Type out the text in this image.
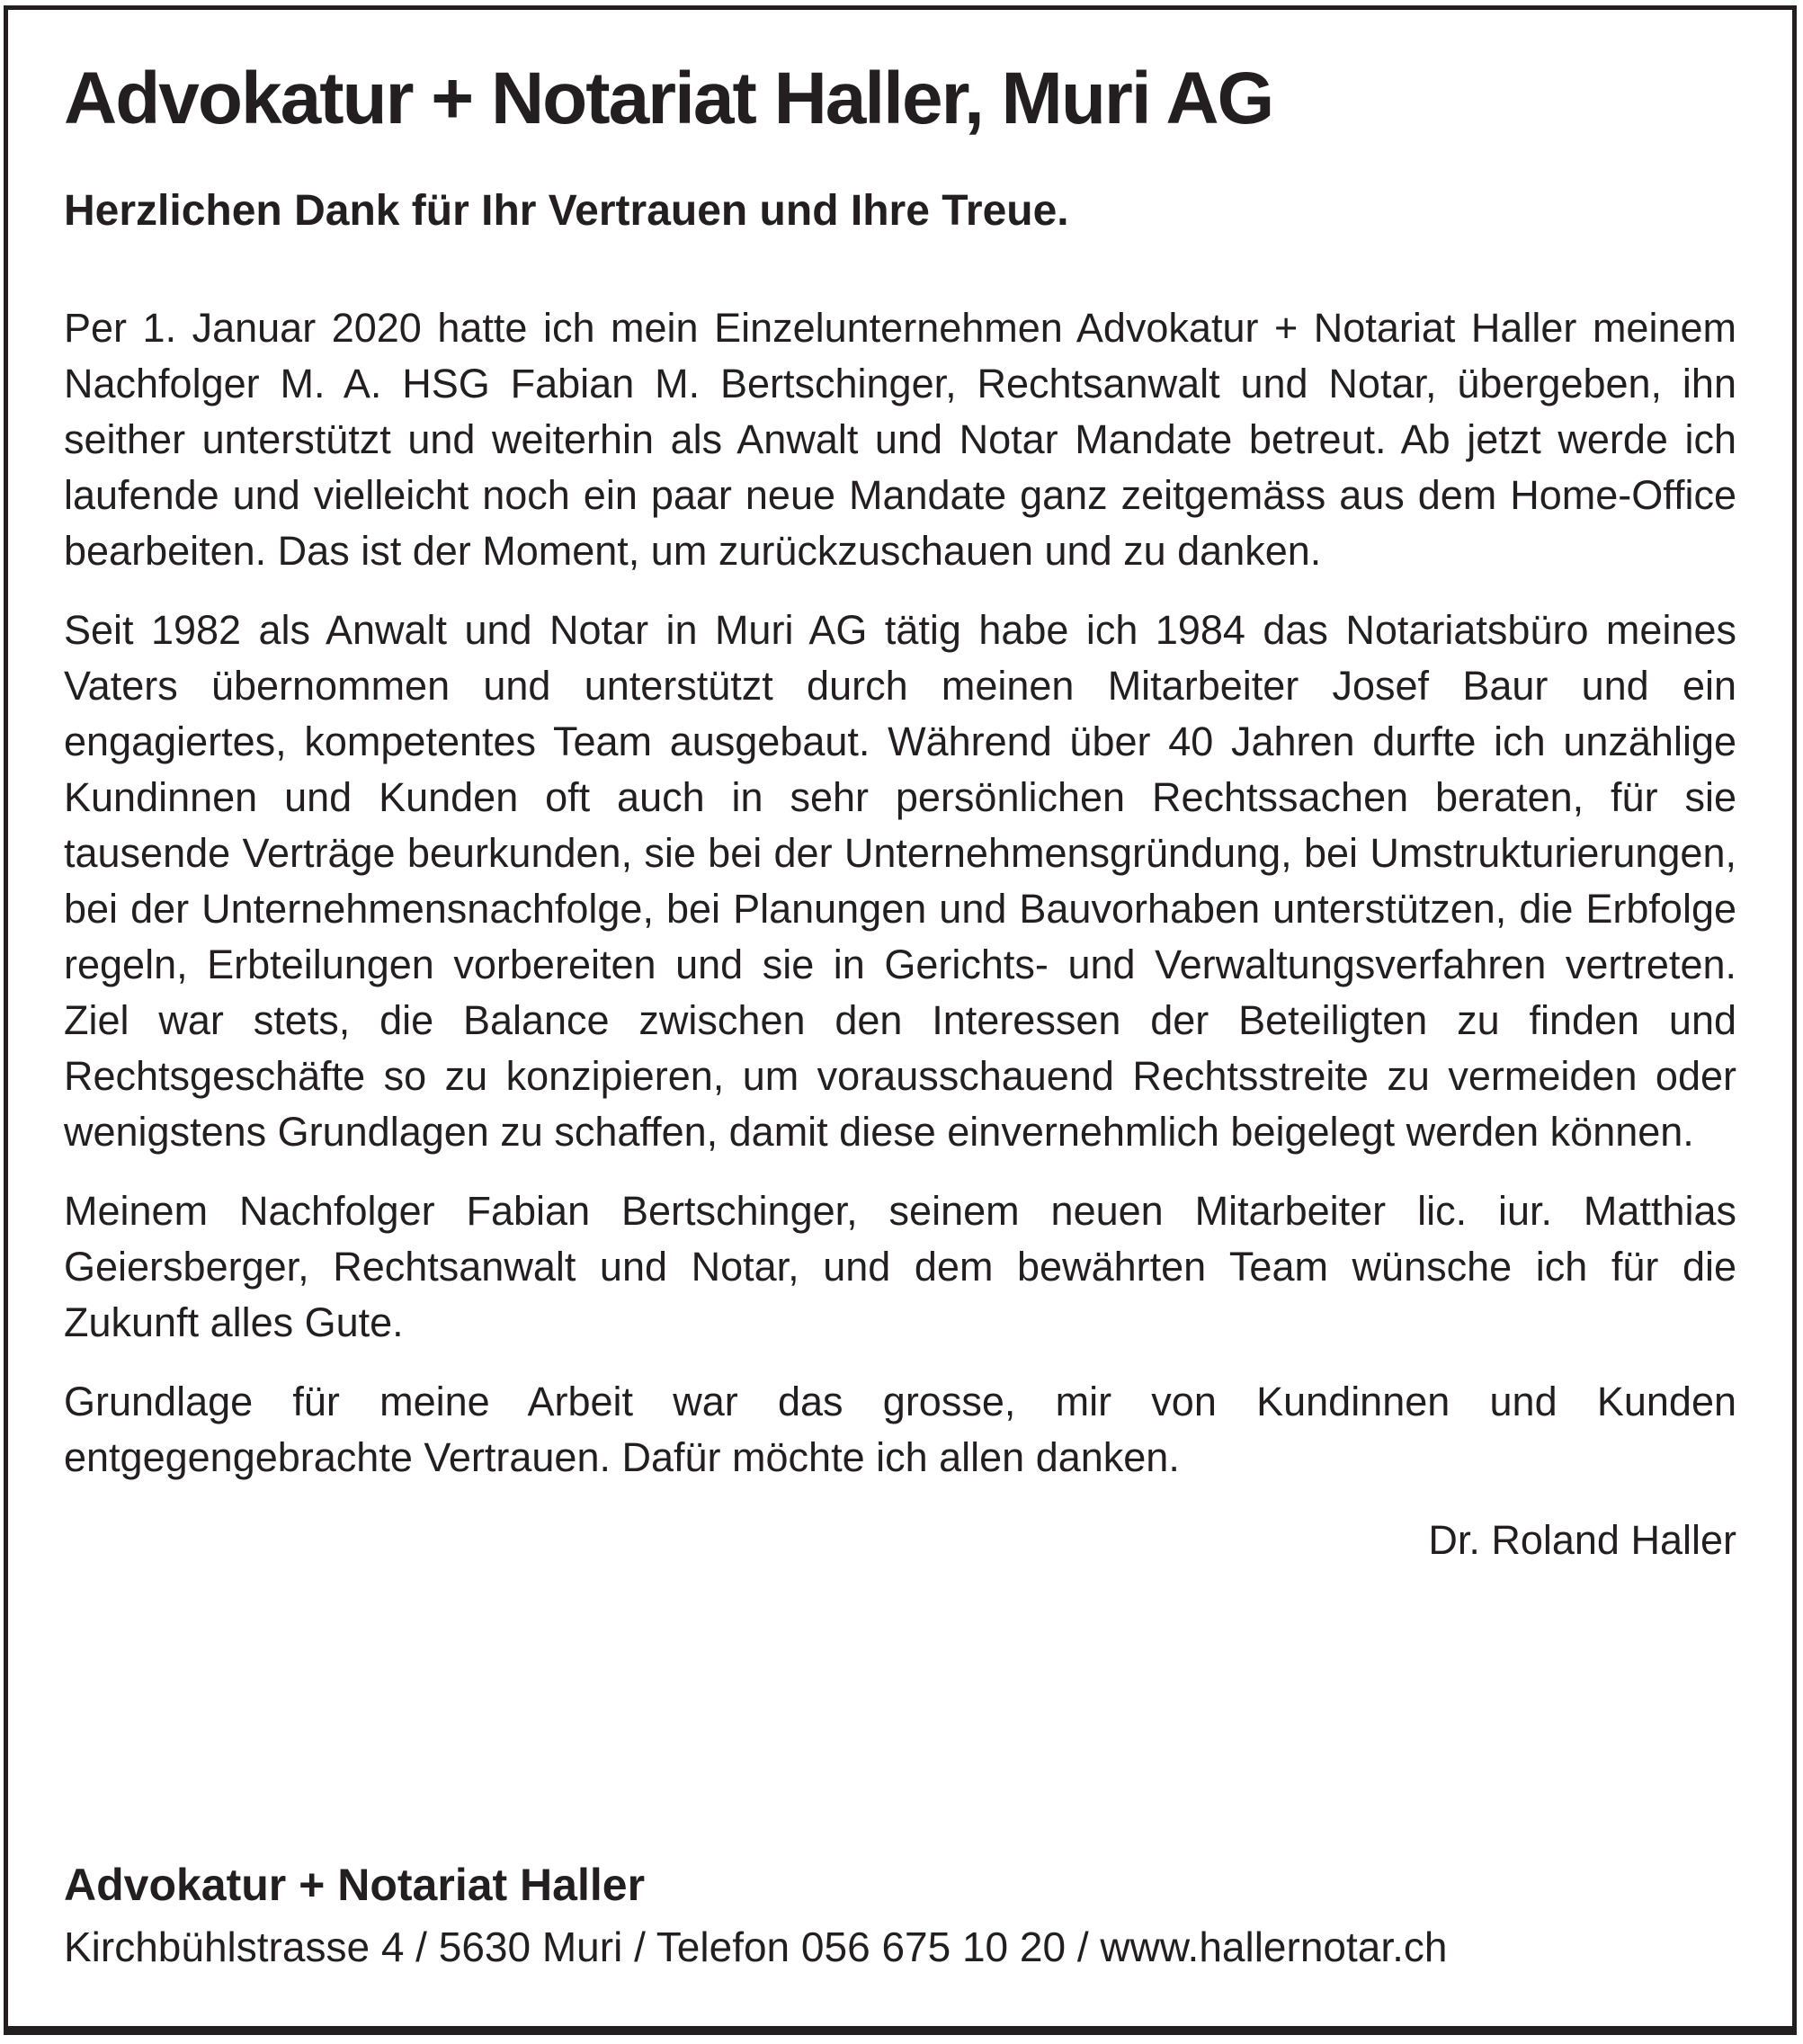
Advokatur + Notariat Haller, Muri AG
Herzlichen Dank für Ihr Vertrauen und Ihre Treue.

Per 1. Januar 2020 hatte ich mein Einzelunternehmen Advokatur + Notariat Haller meinem Nachfolger M. A. HSG Fabian M. Bertschinger, Rechtsanwalt und Notar, übergeben, ihn seither unterstützt und weiterhin als Anwalt und Notar Mandate betreut. Ab jetzt werde ich laufende und vielleicht noch ein paar neue Mandate ganz zeitgemäss aus dem Home-Office bearbeiten. Das ist der Moment, um zurückzuschauen und zu danken.

Seit 1982 als Anwalt und Notar in Muri AG tätig habe ich 1984 das Notariatsbüro meines Vaters übernommen und unterstützt durch meinen Mitarbeiter Josef Baur und ein engagiertes, kompetentes Team ausgebaut. Während über 40 Jahren durfte ich unzählige Kundinnen und Kunden oft auch in sehr persönlichen Rechtssachen beraten, für sie tausende Verträge beurkunden, sie bei der Unternehmensgründung, bei Umstrukturierungen, bei der Unternehmensnachfolge, bei Planungen und Bauvorhaben unterstützen, die Erbfolge regeln, Erbteilungen vorbereiten und sie in Gerichts- und Verwaltungsverfahren vertreten. Ziel war stets, die Balance zwischen den Interessen der Beteiligten zu finden und Rechtsgeschäfte so zu konzipieren, um vorausschauend Rechtsstreite zu vermeiden oder wenigstens Grundlagen zu schaffen, damit diese einvernehmlich beigelegt werden können.

Meinem Nachfolger Fabian Bertschinger, seinem neuen Mitarbeiter lic. iur. Matthias Geiersberger, Rechtsanwalt und Notar, und dem bewährten Team wünsche ich für die Zukunft alles Gute.

Grundlage für meine Arbeit war das grosse, mir von Kundinnen und Kunden entgegengebrachte Vertrauen. Dafür möchte ich allen danken.

Dr. Roland Haller

Advokatur + Notariat Haller

Kirchbühlstrasse 4 / 5630 Muri / Telefon 056 675 10 20 / www.hallernotar.ch
